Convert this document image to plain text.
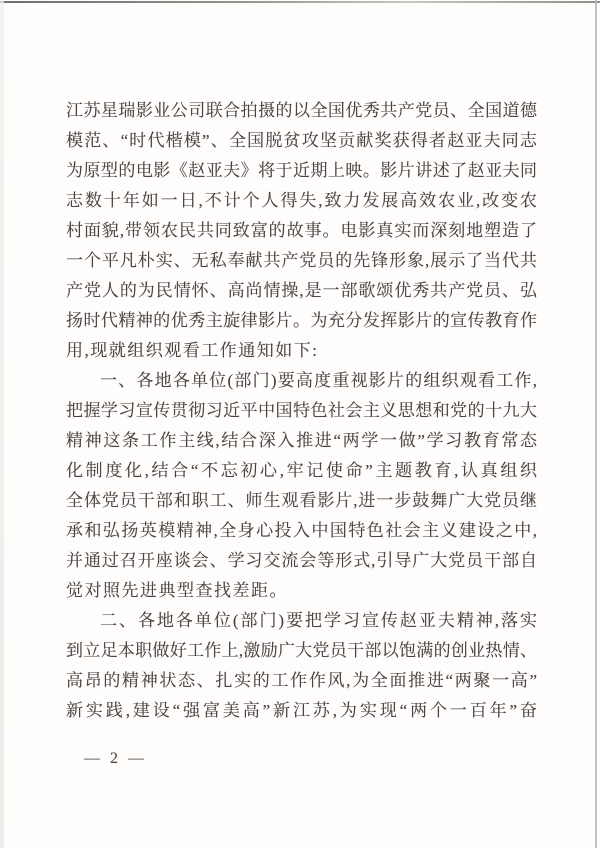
江苏星瑞影业公司联合拍摄的以全国优秀共产党员、全国道德
模范、“时代楷模”、全国脱贫攻坚贡献奖获得者赵亚夫同志
为原型的电影《赵亚夫》将于近期上映。影片讲述了赵亚夫同
志数十年如一日,不计个人得失,致力发展高效农业,改变农
村面貌,带领农民共同致富的故事。电影真实而深刻地塑造了
一个平凡朴实、无私奉献共产党员的先锋形象,展示了当代共
产党人的为民情怀、高尚情操,是一部歌颂优秀共产党员、弘
扬时代精神的优秀主旋律影片。为充分发挥影片的宣传教育作
用,现就组织观看工作通知如下:
一、各地各单位(部门)要高度重视影片的组织观看工作,
把握学习宣传贯彻习近平中国特色社会主义思想和党的十九大
精神这条工作主线,结合深入推进“两学一做”学习教育常态
化制度化,结合“不忘初心,牢记使命”主题教育,认真组织
全体党员干部和职工、师生观看影片,进一步鼓舞广大党员继
承和弘扬英模精神,全身心投入中国特色社会主义建设之中,
并通过召开座谈会、学习交流会等形式,引导广大党员干部自
觉对照先进典型查找差距。
二、各地各单位(部门)要把学习宣传赵亚夫精神,落实
到立足本职做好工作上,激励广大党员干部以饱满的创业热情、
高昂的精神状态、扎实的工作作风,为全面推进“两聚一高”
新实践,建设“强富美高”新江苏,为实现“两个一百年”奋
— 2 —
